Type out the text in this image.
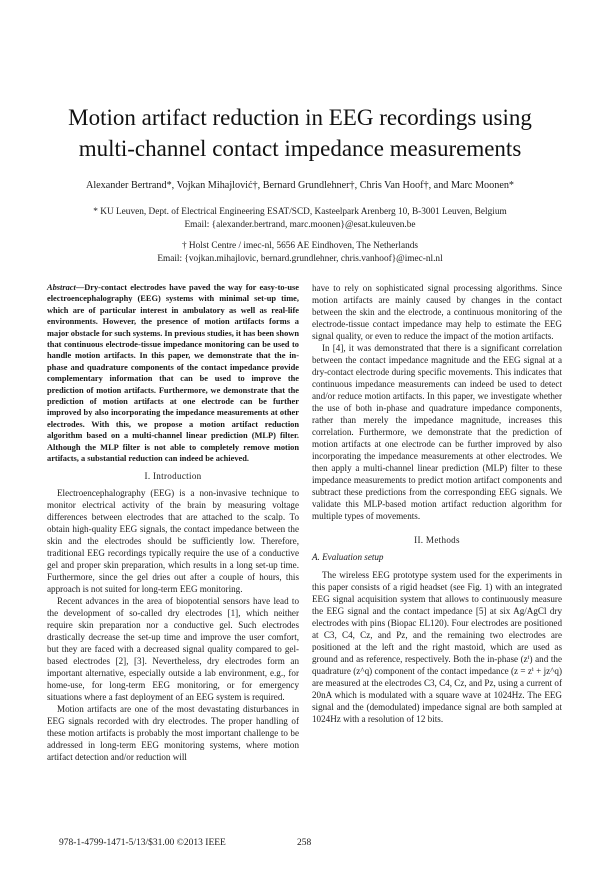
Motion artifact reduction in EEG recordings using multi-channel contact impedance measurements
Alexander Bertrand*, Vojkan Mihajlović†, Bernard Grundlehner†, Chris Van Hoof†, and Marc Moonen*
* KU Leuven, Dept. of Electrical Engineering ESAT/SCD, Kasteelpark Arenberg 10, B-3001 Leuven, Belgium
Email: {alexander.bertrand, marc.moonen}@esat.kuleuven.be
† Holst Centre / imec-nl, 5656 AE Eindhoven, The Netherlands
Email: {vojkan.mihajlovic, bernard.grundlehner, chris.vanhoof}@imec-nl.nl

Abstract—Dry-contact electrodes have paved the way for easy-to-use electroencephalography (EEG) systems with minimal set-up time, which are of particular interest in ambulatory as well as real-life environments. However, the presence of motion artifacts forms a major obstacle for such systems. In previous studies, it has been shown that continuous electrode-tissue impedance monitoring can be used to handle motion artifacts. In this paper, we demonstrate that the in-phase and quadrature components of the contact impedance provide complementary information that can be used to improve the prediction of motion artifacts. Furthermore, we demonstrate that the prediction of motion artifacts at one electrode can be further improved by also incorporating the impedance measurements at other electrodes. With this, we propose a motion artifact reduction algorithm based on a multi-channel linear prediction (MLP) filter. Although the MLP filter is not able to completely remove motion artifacts, a substantial reduction can indeed be achieved.

I. Introduction

Electroencephalography (EEG) is a non-invasive technique to monitor electrical activity of the brain by measuring voltage differences between electrodes that are attached to the scalp. To obtain high-quality EEG signals, the contact impedance between the skin and the electrodes should be sufficiently low. Therefore, traditional EEG recordings typically require the use of a conductive gel and proper skin preparation, which results in a long set-up time. Furthermore, since the gel dries out after a couple of hours, this approach is not suited for long-term EEG monitoring.

Recent advances in the area of biopotential sensors have lead to the development of so-called dry electrodes [1], which neither require skin preparation nor a conductive gel. Such electrodes drastically decrease the set-up time and improve the user comfort, but they are faced with a decreased signal quality compared to gel-based electrodes [2], [3]. Nevertheless, dry electrodes form an important alternative, especially outside a lab environment, e.g., for home-use, for long-term EEG monitoring, or for emergency situations where a fast deployment of an EEG system is required.

Motion artifacts are one of the most devastating disturbances in EEG signals recorded with dry electrodes. The proper handling of these motion artifacts is probably the most important challenge to be addressed in long-term EEG monitoring systems, where motion artifact detection and/or reduction will

have to rely on sophisticated signal processing algorithms. Since motion artifacts are mainly caused by changes in the contact between the skin and the electrode, a continuous monitoring of the electrode-tissue contact impedance may help to estimate the EEG signal quality, or even to reduce the impact of the motion artifacts.

In [4], it was demonstrated that there is a significant correlation between the contact impedance magnitude and the EEG signal at a dry-contact electrode during specific movements. This indicates that continuous impedance measurements can indeed be used to detect and/or reduce motion artifacts. In this paper, we investigate whether the use of both in-phase and quadrature impedance components, rather than merely the impedance magnitude, increases this correlation. Furthermore, we demonstrate that the prediction of motion artifacts at one electrode can be further improved by also incorporating the impedance measurements at other electrodes. We then apply a multi-channel linear prediction (MLP) filter to these impedance measurements to predict motion artifact components and subtract these predictions from the corresponding EEG signals. We validate this MLP-based motion artifact reduction algorithm for multiple types of movements.

II. Methods
A. Evaluation setup

The wireless EEG prototype system used for the experiments in this paper consists of a rigid headset (see Fig. 1) with an integrated EEG signal acquisition system that allows to continuously measure the EEG signal and the contact impedance [5] at six Ag/AgCl dry electrodes with pins (Biopac EL120). Four electrodes are positioned at C3, C4, Cz, and Pz, and the remaining two electrodes are positioned at the left and the right mastoid, which are used as ground and as reference, respectively. Both the in-phase (zⁱ) and the quadrature (z^q) component of the contact impedance (z = zⁱ + jz^q) are measured at the electrodes C3, C4, Cz, and Pz, using a current of 20nA which is modulated with a square wave at 1024Hz. The EEG signal and the (demodulated) impedance signal are both sampled at 1024Hz with a resolution of 12 bits.

978-1-4799-1471-5/13/$31.00 ©2013 IEEE	258
